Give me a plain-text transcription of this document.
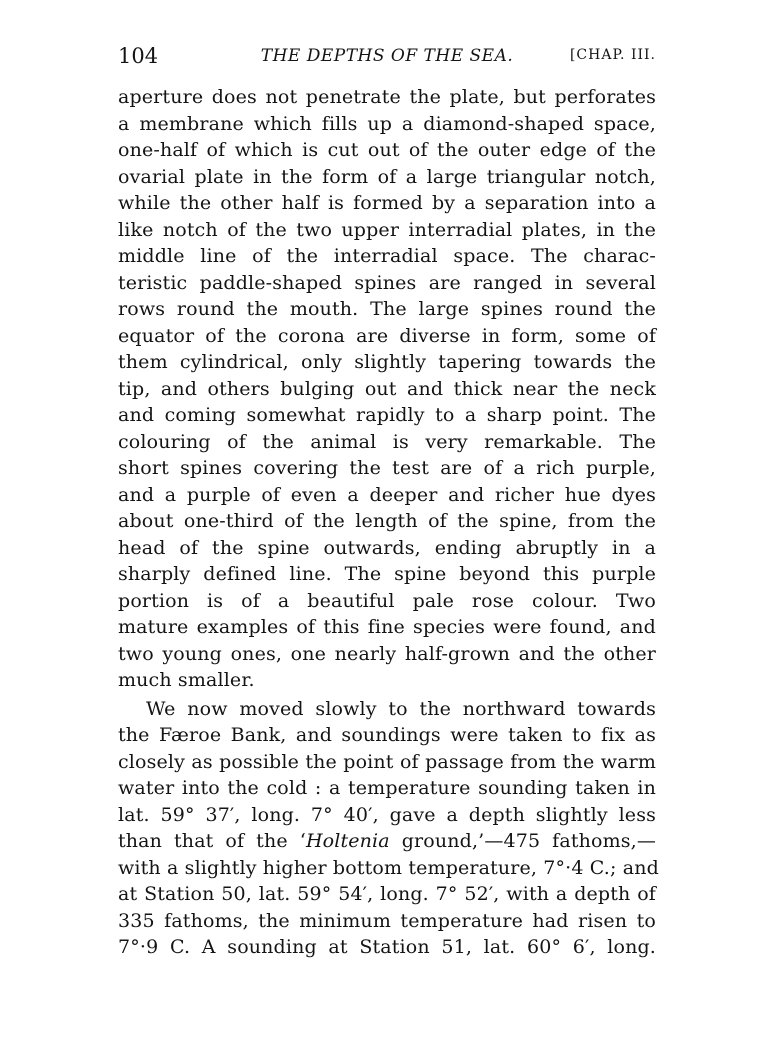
104	THE DEPTHS OF THE SEA.	[CHAP. III.
aperture does not penetrate the plate, but perforates
a membrane which fills up a diamond-shaped space,
one-half of which is cut out of the outer edge of the
ovarial plate in the form of a large triangular notch,
while the other half is formed by a separation into a
like notch of the two upper interradial plates, in the
middle line of the interradial space. The charac-
teristic paddle-shaped spines are ranged in several
rows round the mouth. The large spines round the
equator of the corona are diverse in form, some of
them cylindrical, only slightly tapering towards the
tip, and others bulging out and thick near the neck
and coming somewhat rapidly to a sharp point. The
colouring of the animal is very remarkable. The
short spines covering the test are of a rich purple,
and a purple of even a deeper and richer hue dyes
about one-third of the length of the spine, from the
head of the spine outwards, ending abruptly in a
sharply defined line. The spine beyond this purple
portion is of a beautiful pale rose colour. Two
mature examples of this fine species were found, and
two young ones, one nearly half-grown and the other
much smaller.
We now moved slowly to the northward towards
the Færoe Bank, and soundings were taken to fix as
closely as possible the point of passage from the warm
water into the cold : a temperature sounding taken in
lat. 59° 37′, long. 7° 40′, gave a depth slightly less
than that of the ‘Holtenia ground,’—475 fathoms,—
with a slightly higher bottom temperature, 7°·4 C.; and
at Station 50, lat. 59° 54′, long. 7° 52′, with a depth of
335 fathoms, the minimum temperature had risen to
7°·9 C. A sounding at Station 51, lat. 60° 6′, long.
